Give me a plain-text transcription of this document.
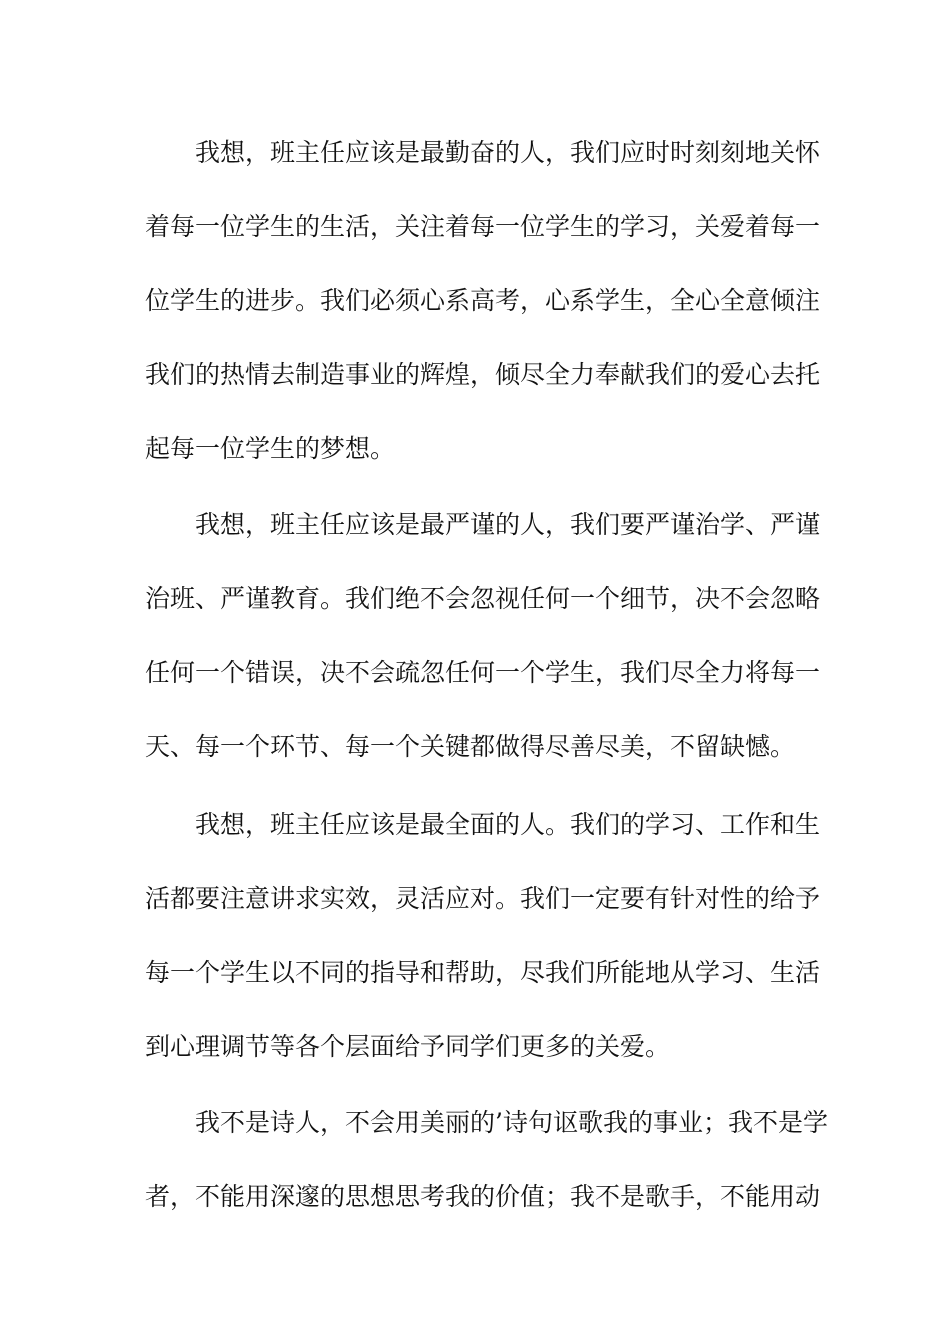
我想，班主任应该是最勤奋的人，我们应时时刻刻地关怀
着每一位学生的生活，关注着每一位学生的学习，关爱着每一
位学生的进步。我们必须心系高考，心系学生，全心全意倾注
我们的热情去制造事业的辉煌，倾尽全力奉献我们的爱心去托
起每一位学生的梦想。
我想，班主任应该是最严谨的人，我们要严谨治学、严谨
治班、严谨教育。我们绝不会忽视任何一个细节，决不会忽略
任何一个错误，决不会疏忽任何一个学生，我们尽全力将每一
天、每一个环节、每一个关键都做得尽善尽美，不留缺憾。
我想，班主任应该是最全面的人。我们的学习、工作和生
活都要注意讲求实效，灵活应对。我们一定要有针对性的给予
每一个学生以不同的指导和帮助，尽我们所能地从学习、生活
到心理调节等各个层面给予同学们更多的关爱。
我不是诗人，不会用美丽的’诗句讴歌我的事业；我不是学
者，不能用深邃的思想思考我的价值；我不是歌手，不能用动
